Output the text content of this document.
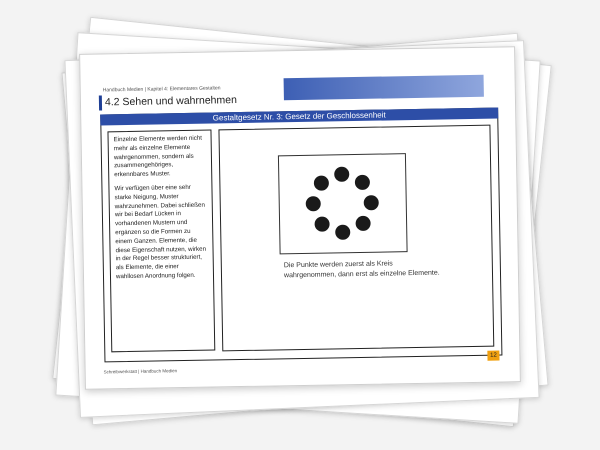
Handbuch Medien | Kapitel 4: Elementares Gestalten
4.2 Sehen und wahrnehmen
Gestaltgesetz Nr. 3: Gesetz der Geschlossenheit

Einzelne Elemente werden nicht mehr als einzelne Elemente wahrgenommen, sondern als zusammengehöriges, erkennbares Muster.

Wir verfügen über eine sehr starke Neigung, Muster wahrzunehmen. Dabei schließen wir bei Bedarf Lücken in vorhandenen Mustern und ergänzen so die Formen zu einem Ganzen. Elemente, die diese Eigenschaft nutzen, wirken in der Regel besser strukturiert, als Elemente, die einer wahllosen Anordnung folgen.

Die Punkte werden zuerst als Kreis wahrgenommen, dann erst als einzelne Elemente.
Schreibwerkstatt | Handbuch Medien
12
